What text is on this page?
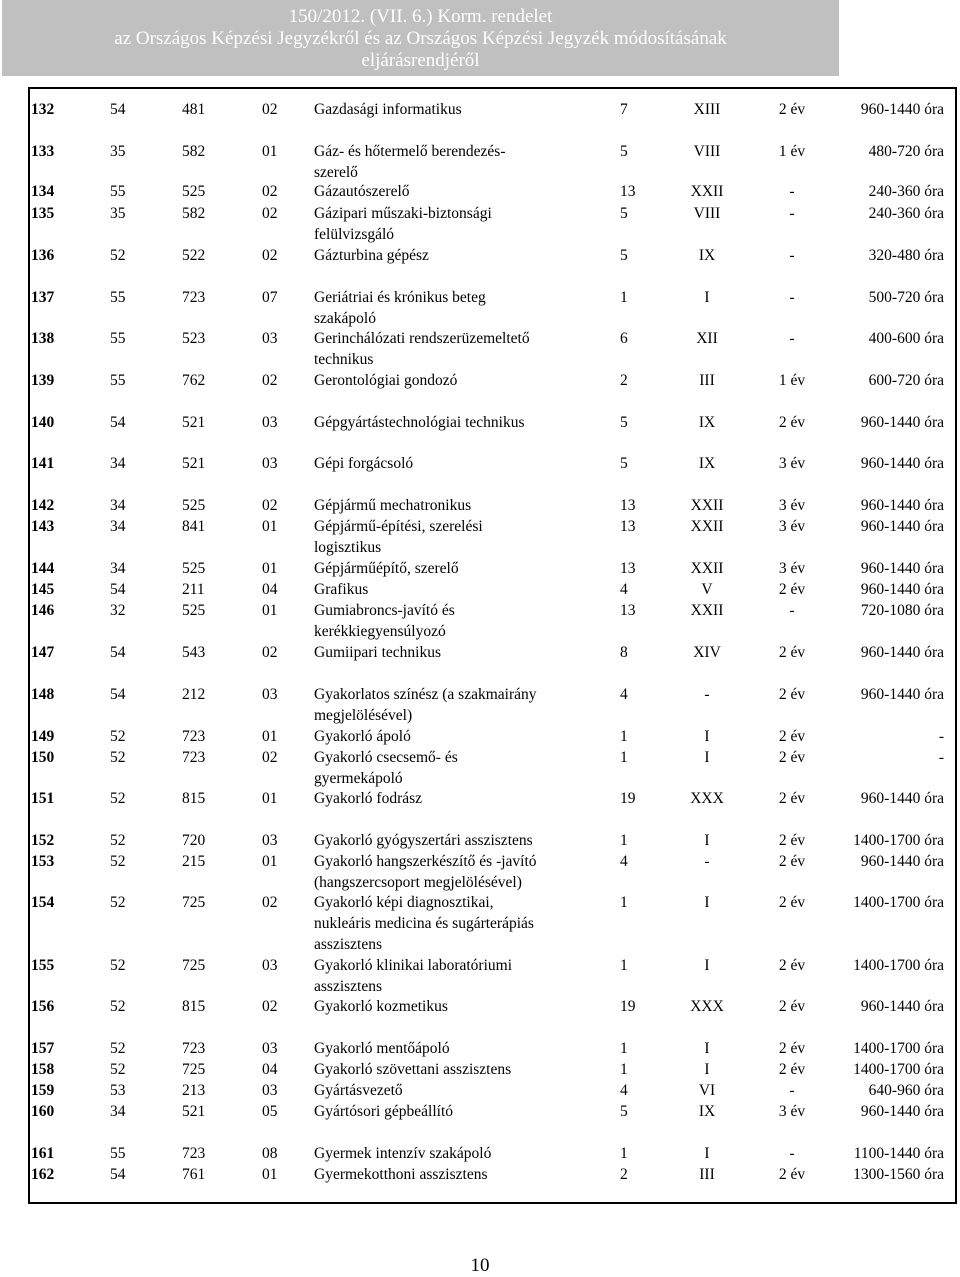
150/2012. (VII. 6.) Korm. rendelet
az Országos Képzési Jegyzékről és az Országos Képzési Jegyzék módosításának
eljárásrendjéről
132	54	481	02 Gazdasági informatikus	7	XIII	2 év	960-1440 óra
133	35	582	01 Gáz- és hőtermelő berendezés-	5	VIII	1 év	480-720 óra
szerelő
134	55	525	02 Gázautószerelő	13	XXII	-	240-360 óra
135	35	582	02 Gázipari műszaki-biztonsági	5	VIII	-	240-360 óra
felülvizsgáló
136	52	522	02 Gázturbina gépész	5	IX	-	320-480 óra
137	55	723	07 Geriátriai és krónikus beteg	1	I	-	500-720 óra
szakápoló
138	55	523	03 Gerinchálózati rendszerüzemeltető	6	XII	-	400-600 óra
technikus
139	55	762	02 Gerontológiai gondozó	2	III	1 év	600-720 óra
140	54	521	03 Gépgyártástechnológiai technikus	5	IX	2 év	960-1440 óra
141	34	521	03 Gépi forgácsoló	5	IX	3 év	960-1440 óra
142	34	525	02 Gépjármű mechatronikus	13	XXII	3 év	960-1440 óra
143	34	841	01 Gépjármű-építési, szerelési	13	XXII	3 év	960-1440 óra
logisztikus
144	34	525	01 Gépjárműépítő, szerelő	13	XXII	3 év	960-1440 óra
145	54	211	04 Grafikus	4	V	2 év	960-1440 óra
146	32	525	01 Gumiabroncs-javító és	13	XXII	-	720-1080 óra
kerékkiegyensúlyozó
147	54	543	02 Gumiipari technikus	8	XIV	2 év	960-1440 óra
148	54	212	03 Gyakorlatos színész (a szakmairány	4	-	2 év	960-1440 óra
megjelölésével)
149	52	723	01 Gyakorló ápoló	1	I	2 év	-
150	52	723	02 Gyakorló csecsemő- és	1	I	2 év	-
gyermekápoló
151	52	815	01 Gyakorló fodrász	19	XXX	2 év	960-1440 óra
152	52	720	03 Gyakorló gyógyszertári asszisztens	1	I	2 év	1400-1700 óra
153	52	215	01 Gyakorló hangszerkészítő és -javító	4	-	2 év	960-1440 óra
(hangszercsoport megjelölésével)
154	52	725	02 Gyakorló képi diagnosztikai,	1	I	2 év	1400-1700 óra
nukleáris medicina és sugárterápiás
asszisztens
155	52	725	03 Gyakorló klinikai laboratóriumi	1	I	2 év	1400-1700 óra
asszisztens
156	52	815	02 Gyakorló kozmetikus	19	XXX	2 év	960-1440 óra
157	52	723	03 Gyakorló mentőápoló	1	I	2 év	1400-1700 óra
158	52	725	04 Gyakorló szövettani asszisztens	1	I	2 év	1400-1700 óra
159	53	213	03 Gyártásvezető	4	VI	-	640-960 óra
160	34	521	05 Gyártósori gépbeállító	5	IX	3 év	960-1440 óra
161	55	723	08 Gyermek intenzív szakápoló	1	I	-	1100-1440 óra
162	54	761	01 Gyermekotthoni asszisztens	2	III	2 év	1300-1560 óra
10
